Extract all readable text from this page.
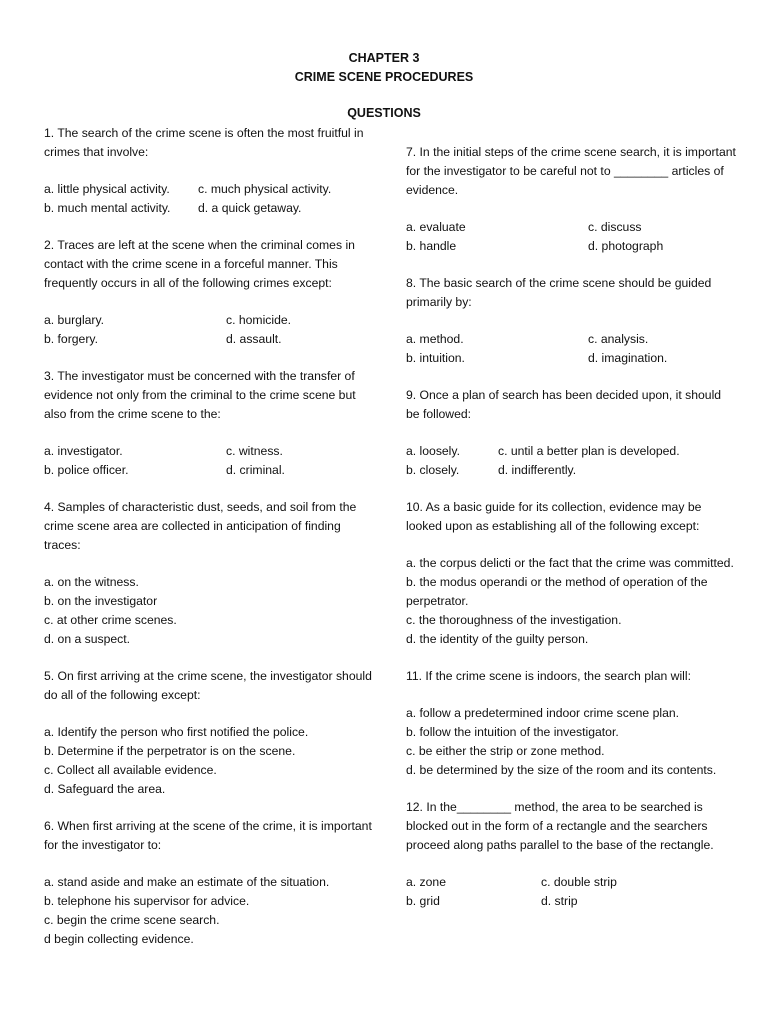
CHAPTER 3
CRIME SCENE PROCEDURES
QUESTIONS
1. The search of the crime scene is often the most fruitful in crimes that involve:
a. little physical activity.	c. much physical activity.
b. much mental activity.	d. a quick getaway.
2. Traces are left at the scene when the criminal comes in contact with the crime scene in a forceful manner. This frequently occurs in all of the following crimes except:
a. burglary.	c. homicide.
b. forgery.	d. assault.
3. The investigator must be concerned with the transfer of evidence not only from the criminal to the crime scene but also from the crime scene to the:
a. investigator.	c. witness.
b. police officer.	d. criminal.
4. Samples of characteristic dust, seeds, and soil from the crime scene area are collected in anticipation of finding traces:
a. on the witness.
b. on the investigator
c. at other crime scenes.
d. on a suspect.
5. On first arriving at the crime scene, the investigator should do all of the following except:
a. Identify the person who first notified the police.
b. Determine if the perpetrator is on the scene.
c. Collect all available evidence.
d. Safeguard the area.
6. When first arriving at the scene of the crime, it is important for the investigator to:
a. stand aside and make an estimate of the situation.
b. telephone his supervisor for advice.
c. begin the crime scene search.
d begin collecting evidence.
7. In the initial steps of the crime scene search, it is important for the investigator to be careful not to ________ articles of evidence.
a. evaluate	c. discuss
b. handle	d. photograph
8. The basic search of the crime scene should be guided primarily by:
a. method.	c. analysis.
b. intuition.	d. imagination.
9. Once a plan of search has been decided upon, it should be followed:
a. loosely.	c. until a better plan is developed.
b. closely.	d. indifferently.
10. As a basic guide for its collection, evidence may be looked upon as establishing all of the following except:
a. the corpus delicti or the fact that the crime was committed.
b. the modus operandi or the method of operation of the perpetrator.
c. the thoroughness of the investigation.
d. the identity of the guilty person.
11. If the crime scene is indoors, the search plan will:
a. follow a predetermined indoor crime scene plan.
b. follow the intuition of the investigator.
c. be either the strip or zone method.
d. be determined by the size of the room and its contents.
12. In the________ method, the area to be searched is blocked out in the form of a rectangle and the searchers proceed along paths parallel to the base of the rectangle.
a. zone	c. double strip
b. grid	d. strip
